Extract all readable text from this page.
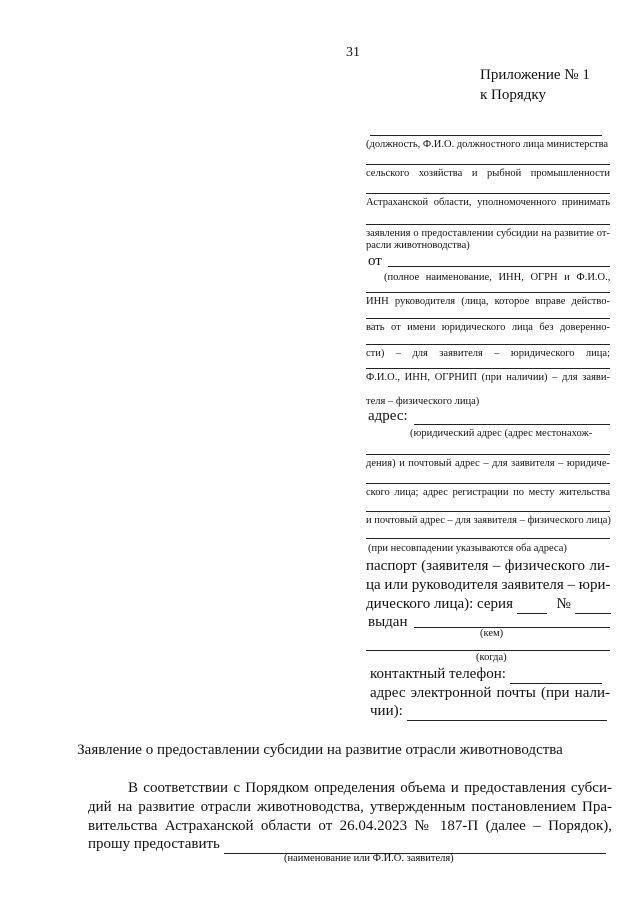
31
Приложение № 1
к Порядку
(должность, Ф.И.О. должностного лица министерства
сельского хозяйства и рыбной промышленности
Астраханской области, уполномоченного принимать
заявления о предоставлении субсидии на развитие от-
расли животноводства)
от
(полное наименование, ИНН, ОГРН и Ф.И.О.,
ИНН руководителя (лица, которое вправе действо-
вать от имени юридического лица без доверенно-
сти) – для заявителя – юридического лица;
Ф.И.О., ИНН, ОГРНИП (при наличии) – для заяви-
теля – физического лица)
адрес:
(юридический адрес (адрес местонахож-
дения) и почтовый адрес – для заявителя – юридиче-
ского лица; адрес регистрации по месту жительства
и почтовый адрес – для заявителя – физического лица)
(при несовпадении указываются оба адреса)
паспорт (заявителя – физического ли-
ца или руководителя заявителя – юри-
дического лица): серия	№
выдан
(кем)
(когда)
контактный телефон:
адрес электронной почты (при нали-
чии):
Заявление о предоставлении субсидии на развитие отрасли животноводства
В соответствии с Порядком определения объема и предоставления субси-
дий на развитие отрасли животноводства, утвержденным постановлением Пра-
вительства Астраханской области от 26.04.2023 № 187-П (далее – Порядок),
прошу предоставить
(наименование или Ф.И.О. заявителя)
